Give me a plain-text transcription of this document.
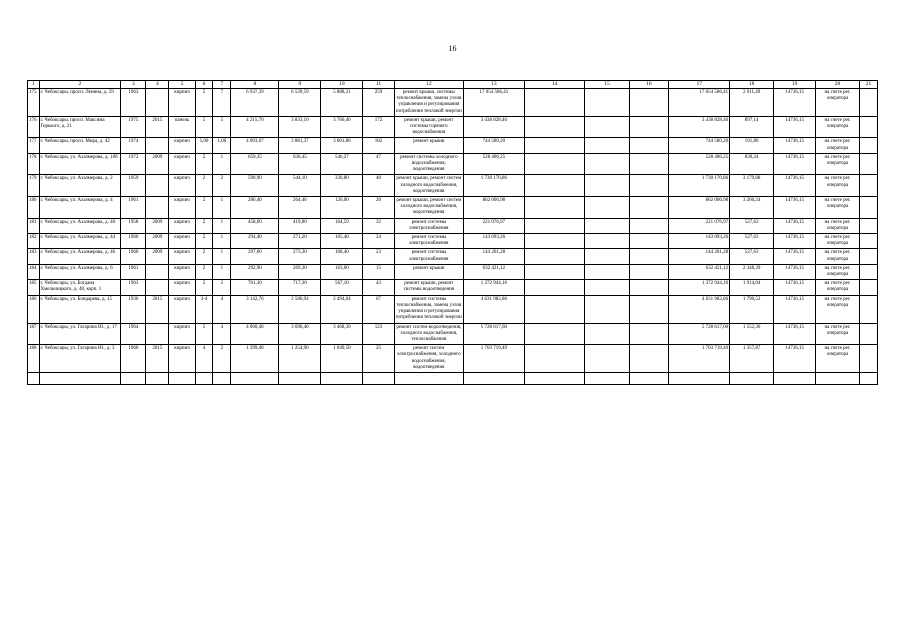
16
1	2	3	4	5	6	7	8	9	10	11	12	13	14	15	16	17	18	19	20	21
175	г. Чебоксары, просп. Ленина, д. 59	1963		кирпич	5	7	6 937,39	6 539,59	5 888,31	259	ремонт крыши, системы теплоснабжения, замена узлов управления и регулирования потребления тепловой энергии	17 054 586,41				17 054 586,41	2 611,49	14736,15	на счете рег. оператора	
176	г. Чебоксары, просп. Максима Горького, д. 21	1975	2015	панель	5	5	4 215,70	3 833,10	3 766,40	172	ремонт крыши, ремонт системы горячего водоснабжения	3 438 828,46				3 438 828,46	897,14	14736,15	на счете рег. оператора	
177	г. Чебоксары, просп. Мира, д. 42	1974		кирпич	5,00	1,00	4 093,67	3 881,37	3 601,86	182	ремонт крыши	744 580,20				744 580,20	191,80	14736,15	на счете рег. оператора	
178	г. Чебоксары, ул. Ахазмерова, д. 10б	1972	2009	кирпич	2	1	659,35	636,45	546,27	47	ремонт системы холодного водоснабжения, водоотведения	528 406,25				528 406,25	830,24	14736,15	на счете рег. оператора	
179	г. Чебоксары, ул. Ахазмерова, д. 2	1959		кирпич	2	2	590,90	544,10	330,80	40	ремонт крыши, ремонт систем холодного водоснабжения, водоотведения	1 730 170,86				1 730 170,86	3 179,88	14736,15	на счете рег. оператора	
180	г. Чебоксары, ул. Ахазмерова, д. 4	1961		кирпич	2	1	286,40	264,46	126,00	20	ремонт крыши, ремонт систем холодного водоснабжения, водоотведения	862 006,98				862 006,98	3 260,24	14736,15	на счете рег. оператора	
181	г. Чебоксары, ул. Ахазмерова, д. 40	1958	2009	кирпич	2	1	458,00	419,00	164,59	32	ремонт системы электроснабжения	221 076,97				221 076,97	527,63	14736,15	на счете рег. оператора	
182	г. Чебоксары, ул. Ахазмерова, д. 44	1960	2009	кирпич	2	1	294,40	271,20	105,40	24	ремонт системы электроснабжения	143 093,26				143 093,26	527,63	14736,15	на счете рег. оператора	
183	г. Чебоксары, ул. Ахазмерова, д. 46	1960	2009	кирпич	2	1	297,00	273,30	168,40	23	ремонт системы электроснабжения	144 201,28				144 201,28	527,63	14736,15	на счете рег. оператора	
184	г. Чебоксары, ул. Ахазмерова, д. 6	1961		кирпич	2	1	292,90	269,30	163,00	15	ремонт крыши	632 421,12				632 421,12	2 348,39	14736,15	на счете рег. оператора	
185	г. Чебоксары, ул. Богдана Хмельницкого, д. 48, корп. 1	1963		кирпич	2	2	761,30	717,30	567,10	43	ремонт крыши, ремонт системы водоотведения	1 372 944,16				1 372 944,16	1 914,04	14736,15	на счете рег. оператора	
186	г. Чебоксары, ул. Бондарева, д. 15	1936	2015	кирпич	3-4	4	3 142,76	2 586,94	2 494,64	67	ремонт системы теплоснабжения, замена узлов управления и регулирования потребления тепловой энергии	4 631 982,86				4 631 982,86	1 790,53	14736,15	на счете рег. оператора	
187	г. Чебоксары, ул. Гагарина Ю., д. 17	1964		кирпич	5	4	4 060,40	3 696,40	3 468,30	123	ремонт систем водоотведения, холодного водоснабжения, теплоснабжения	5 728 617,60				5 728 617,60	1 552,30	14736,15	на счете рег. оператора	
188	г. Чебоксары, ул. Гагарина Ю., д. 3	1960	2015	кирпич	4	2	1 399,40	1 254,90	1 049,50	25	ремонт систем электроснабжения, холодного водоснабжения, водоотведения	1 703 719,49				1 703 719,49	1 357,87	14736,15	на счете рег. оператора	
